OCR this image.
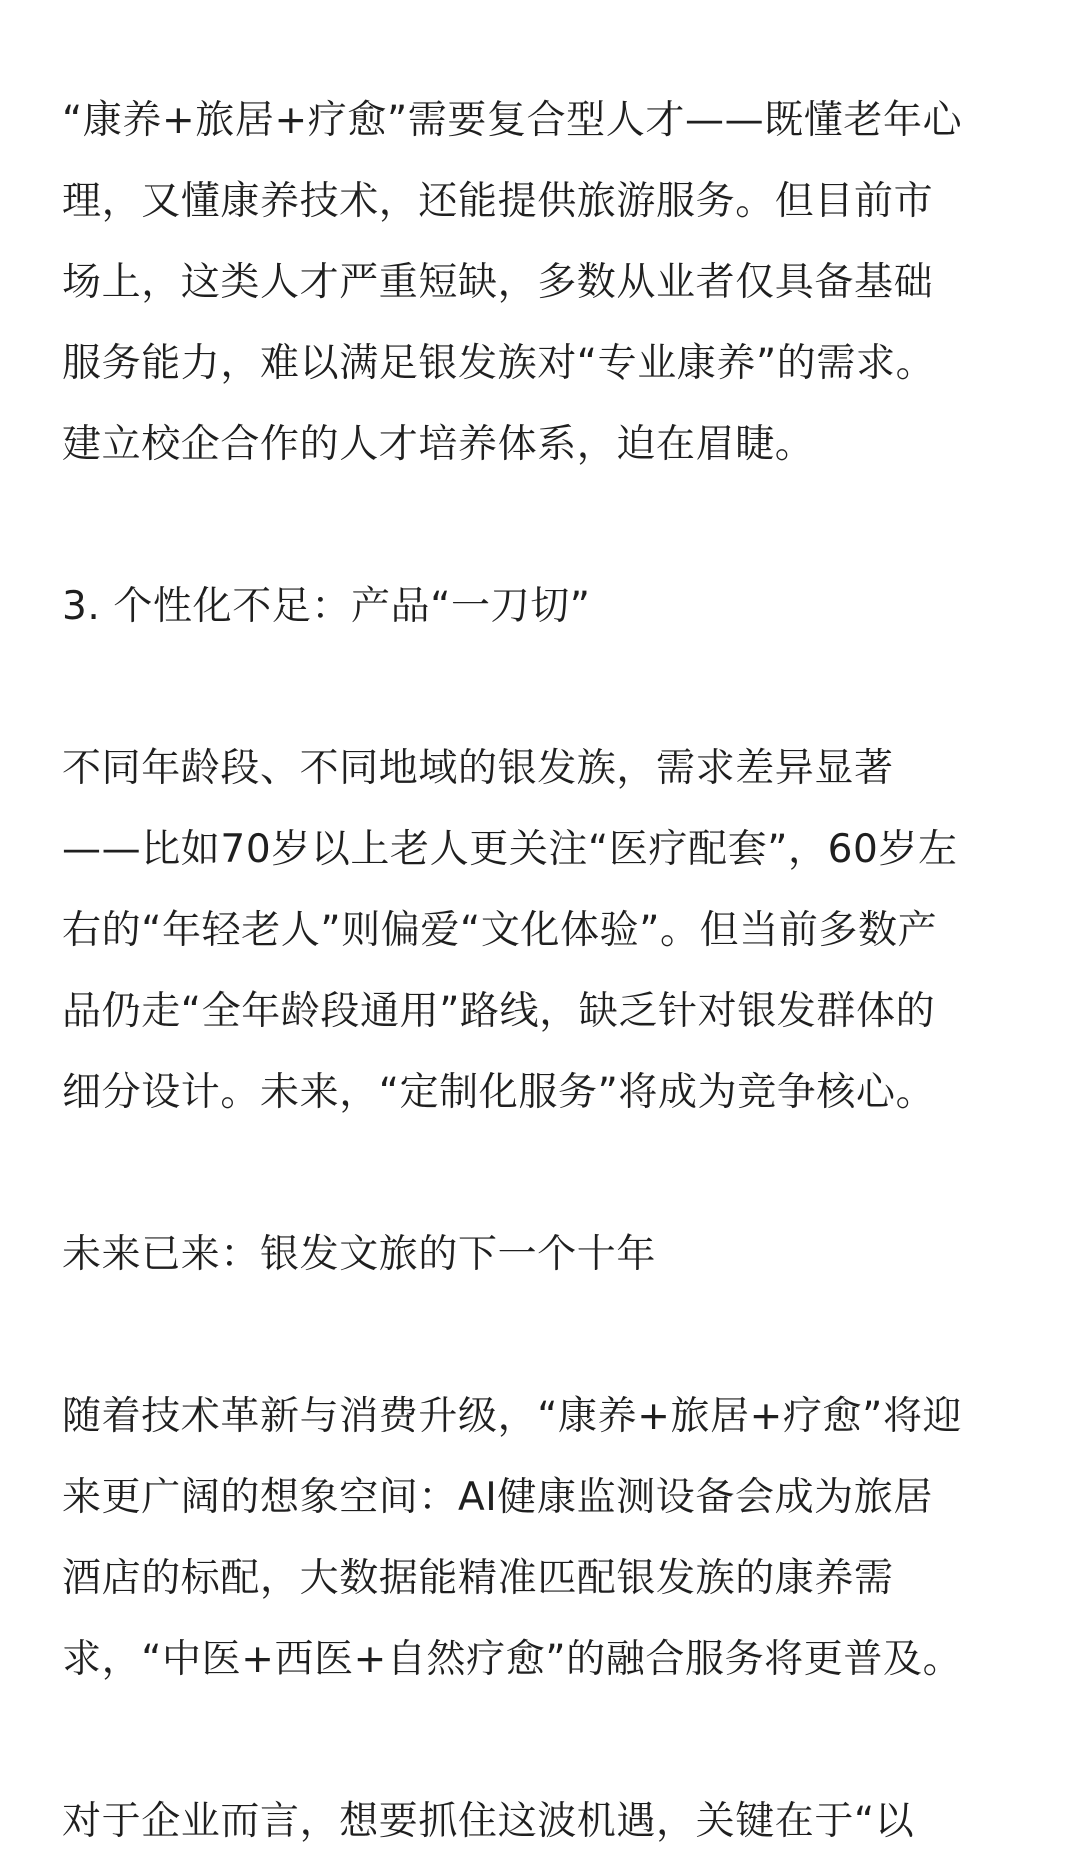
“康养+旅居+疗愈”需要复合型人才——既懂老年心

理，又懂康养技术，还能提供旅游服务。但目前市

场上，这类人才严重短缺，多数从业者仅具备基础

服务能力，难以满足银发族对“专业康养”的需求。

建立校企合作的人才培养体系，迫在眉睫。

3. 个性化不足：产品“一刀切”

不同年龄段、不同地域的银发族，需求差异显著

——比如70岁以上老人更关注“医疗配套”，60岁左

右的“年轻老人”则偏爱“文化体验”。但当前多数产

品仍走“全年龄段通用”路线，缺乏针对银发群体的

细分设计。未来，“定制化服务”将成为竞争核心。

未来已来：银发文旅的下一个十年

随着技术革新与消费升级，“康养+旅居+疗愈”将迎

来更广阔的想象空间：AI健康监测设备会成为旅居

酒店的标配，大数据能精准匹配银发族的康养需

求，“中医+西医+自然疗愈”的融合服务将更普及。

对于企业而言，想要抓住这波机遇，关键在于“以
